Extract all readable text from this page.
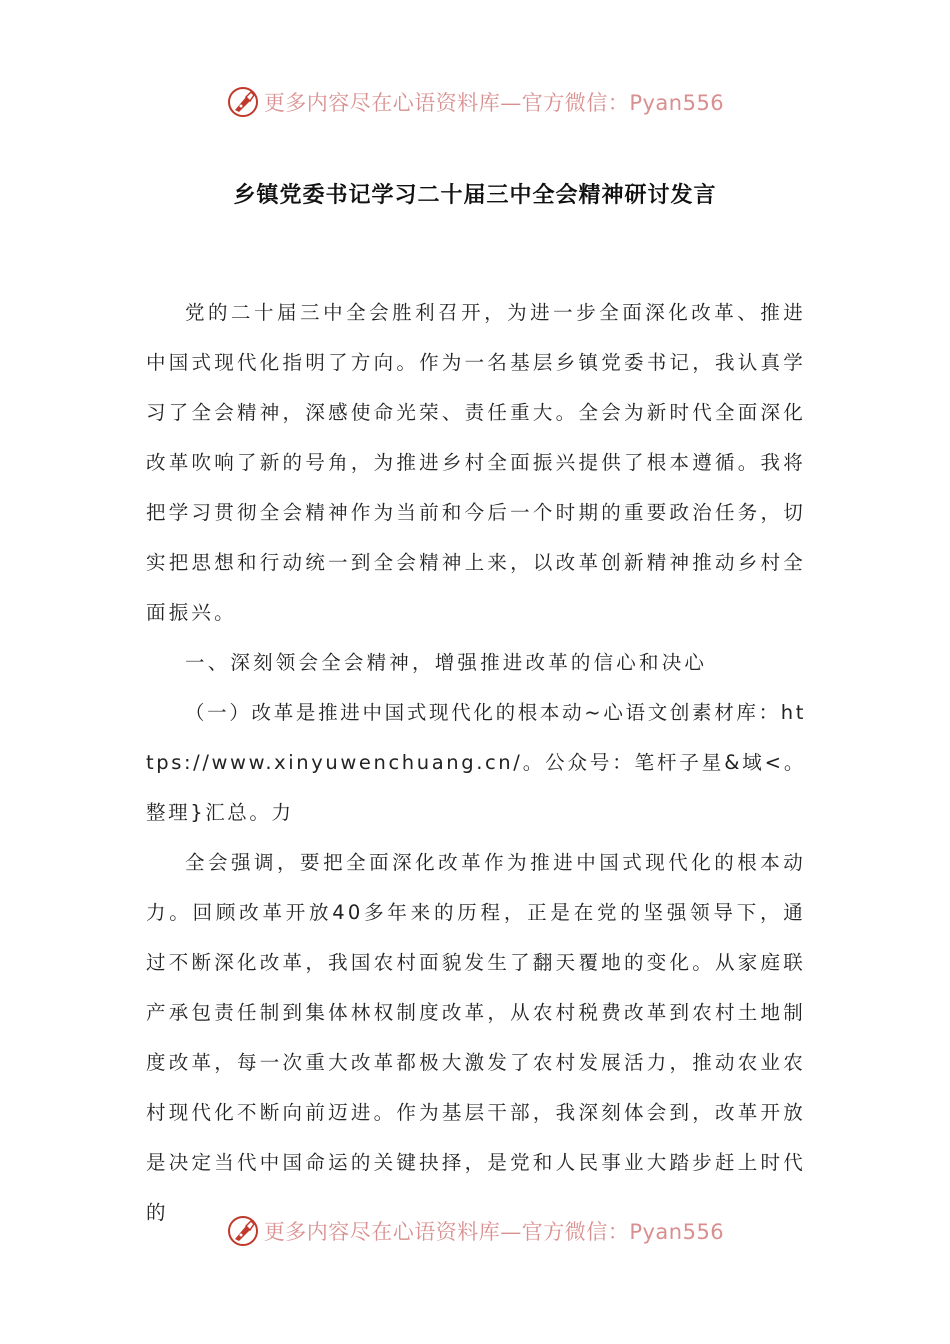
更多内容尽在心语资料库—官方微信：Pyan556
乡镇党委书记学习二十届三中全会精神研讨发言

党的二十届三中全会胜利召开，为进一步全面深化改革、推进中国式现代化指明了方向。作为一名基层乡镇党委书记，我认真学习了全会精神，深感使命光荣、责任重大。全会为新时代全面深化改革吹响了新的号角，为推进乡村全面振兴提供了根本遵循。我将把学习贯彻全会精神作为当前和今后一个时期的重要政治任务，切实把思想和行动统一到全会精神上来，以改革创新精神推动乡村全面振兴。

一、深刻领会全会精神，增强推进改革的信心和决心

（一）改革是推进中国式现代化的根本动~心语文创素材库：https://www.xinyuwenchuang.cn/。公众号：笔杆子星&域<。整理}汇总。力

全会强调，要把全面深化改革作为推进中国式现代化的根本动力。回顾改革开放40多年来的历程，正是在党的坚强领导下，通过不断深化改革，我国农村面貌发生了翻天覆地的变化。从家庭联产承包责任制到集体林权制度改革，从农村税费改革到农村土地制度改革，每一次重大改革都极大激发了农村发展活力，推动农业农村现代化不断向前迈进。作为基层干部，我深刻体会到，改革开放是决定当代中国命运的关键抉择，是党和人民事业大踏步赶上时代的

更多内容尽在心语资料库—官方微信：Pyan556
